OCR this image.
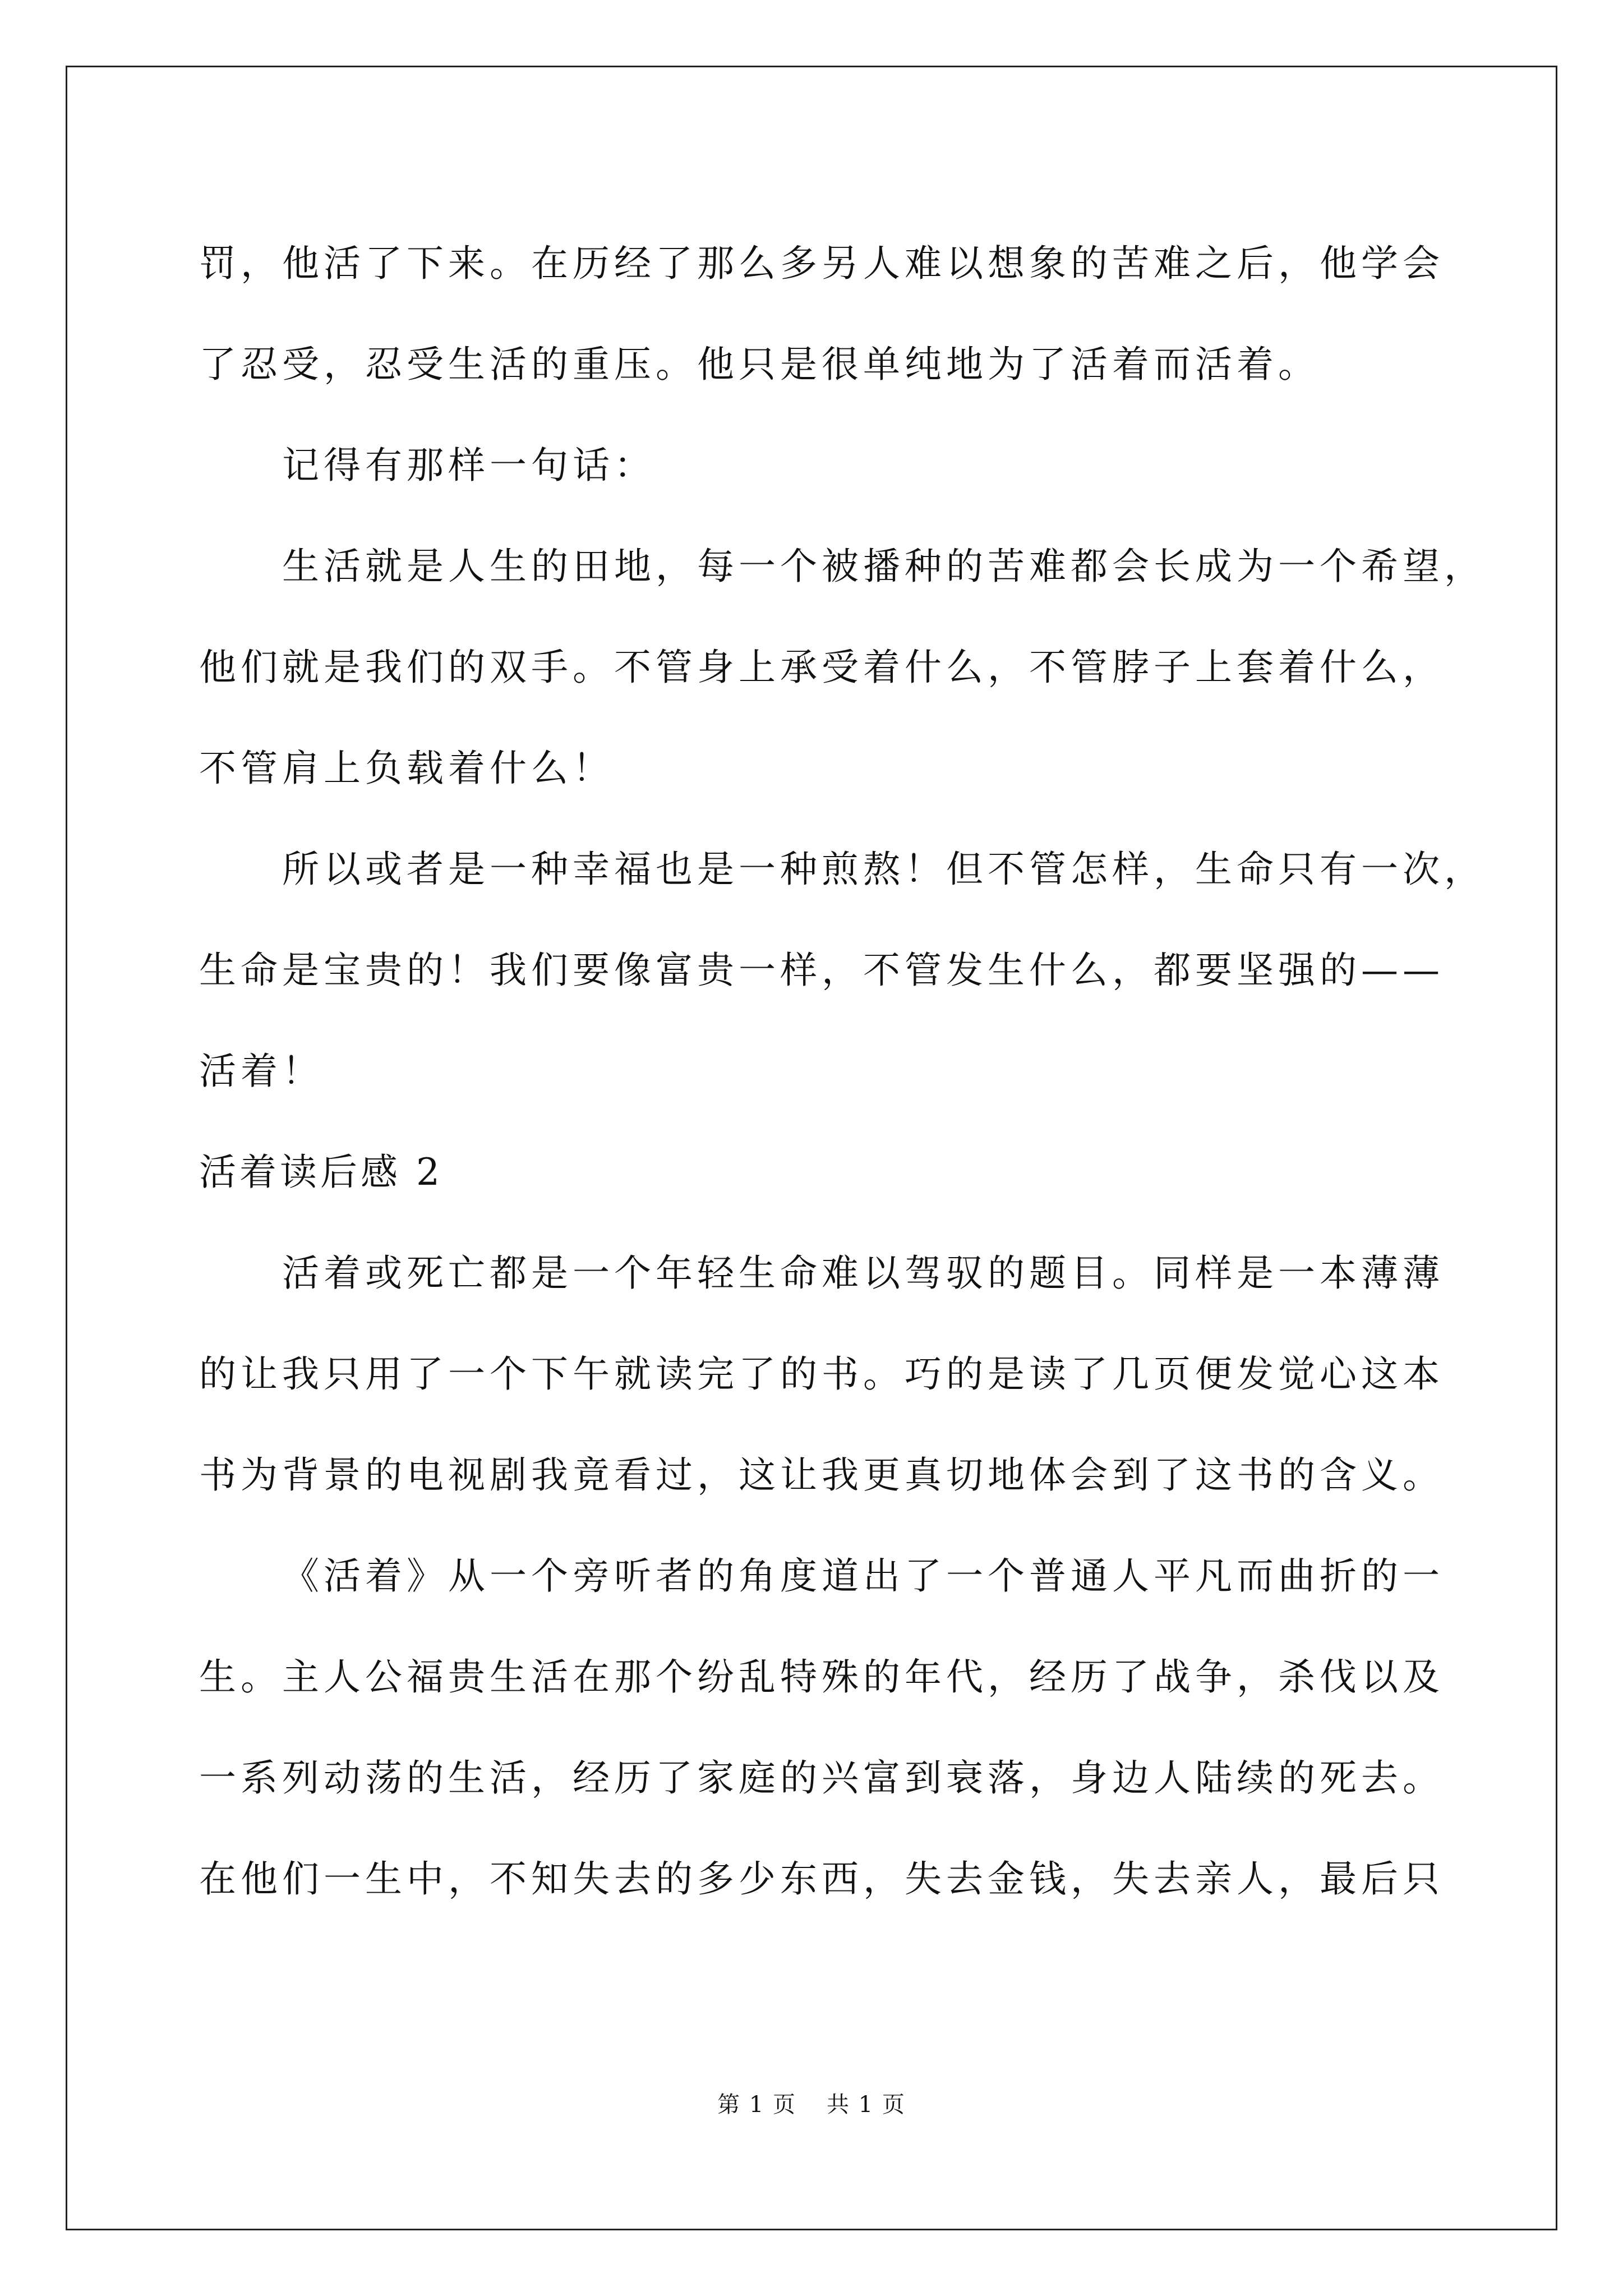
罚，他活了下来。在历经了那么多另人难以想象的苦难之后，他学会
了忍受，忍受生活的重压。他只是很单纯地为了活着而活着。
记得有那样一句话：
生活就是人生的田地，每一个被播种的苦难都会长成为一个希望，
他们就是我们的双手。不管身上承受着什么，不管脖子上套着什么，
不管肩上负载着什么！
所以或者是一种幸福也是一种煎熬！但不管怎样，生命只有一次，
生命是宝贵的！我们要像富贵一样，不管发生什么，都要坚强的——
活着！
活着读后感 2
活着或死亡都是一个年轻生命难以驾驭的题目。同样是一本薄薄
的让我只用了一个下午就读完了的书。巧的是读了几页便发觉心这本
书为背景的电视剧我竟看过，这让我更真切地体会到了这书的含义。
《活着》从一个旁听者的角度道出了一个普通人平凡而曲折的一
生。主人公福贵生活在那个纷乱特殊的年代，经历了战争，杀伐以及
一系列动荡的生活，经历了家庭的兴富到衰落，身边人陆续的死去。
在他们一生中，不知失去的多少东西，失去金钱，失去亲人，最后只
第 1 页 共 1 页
